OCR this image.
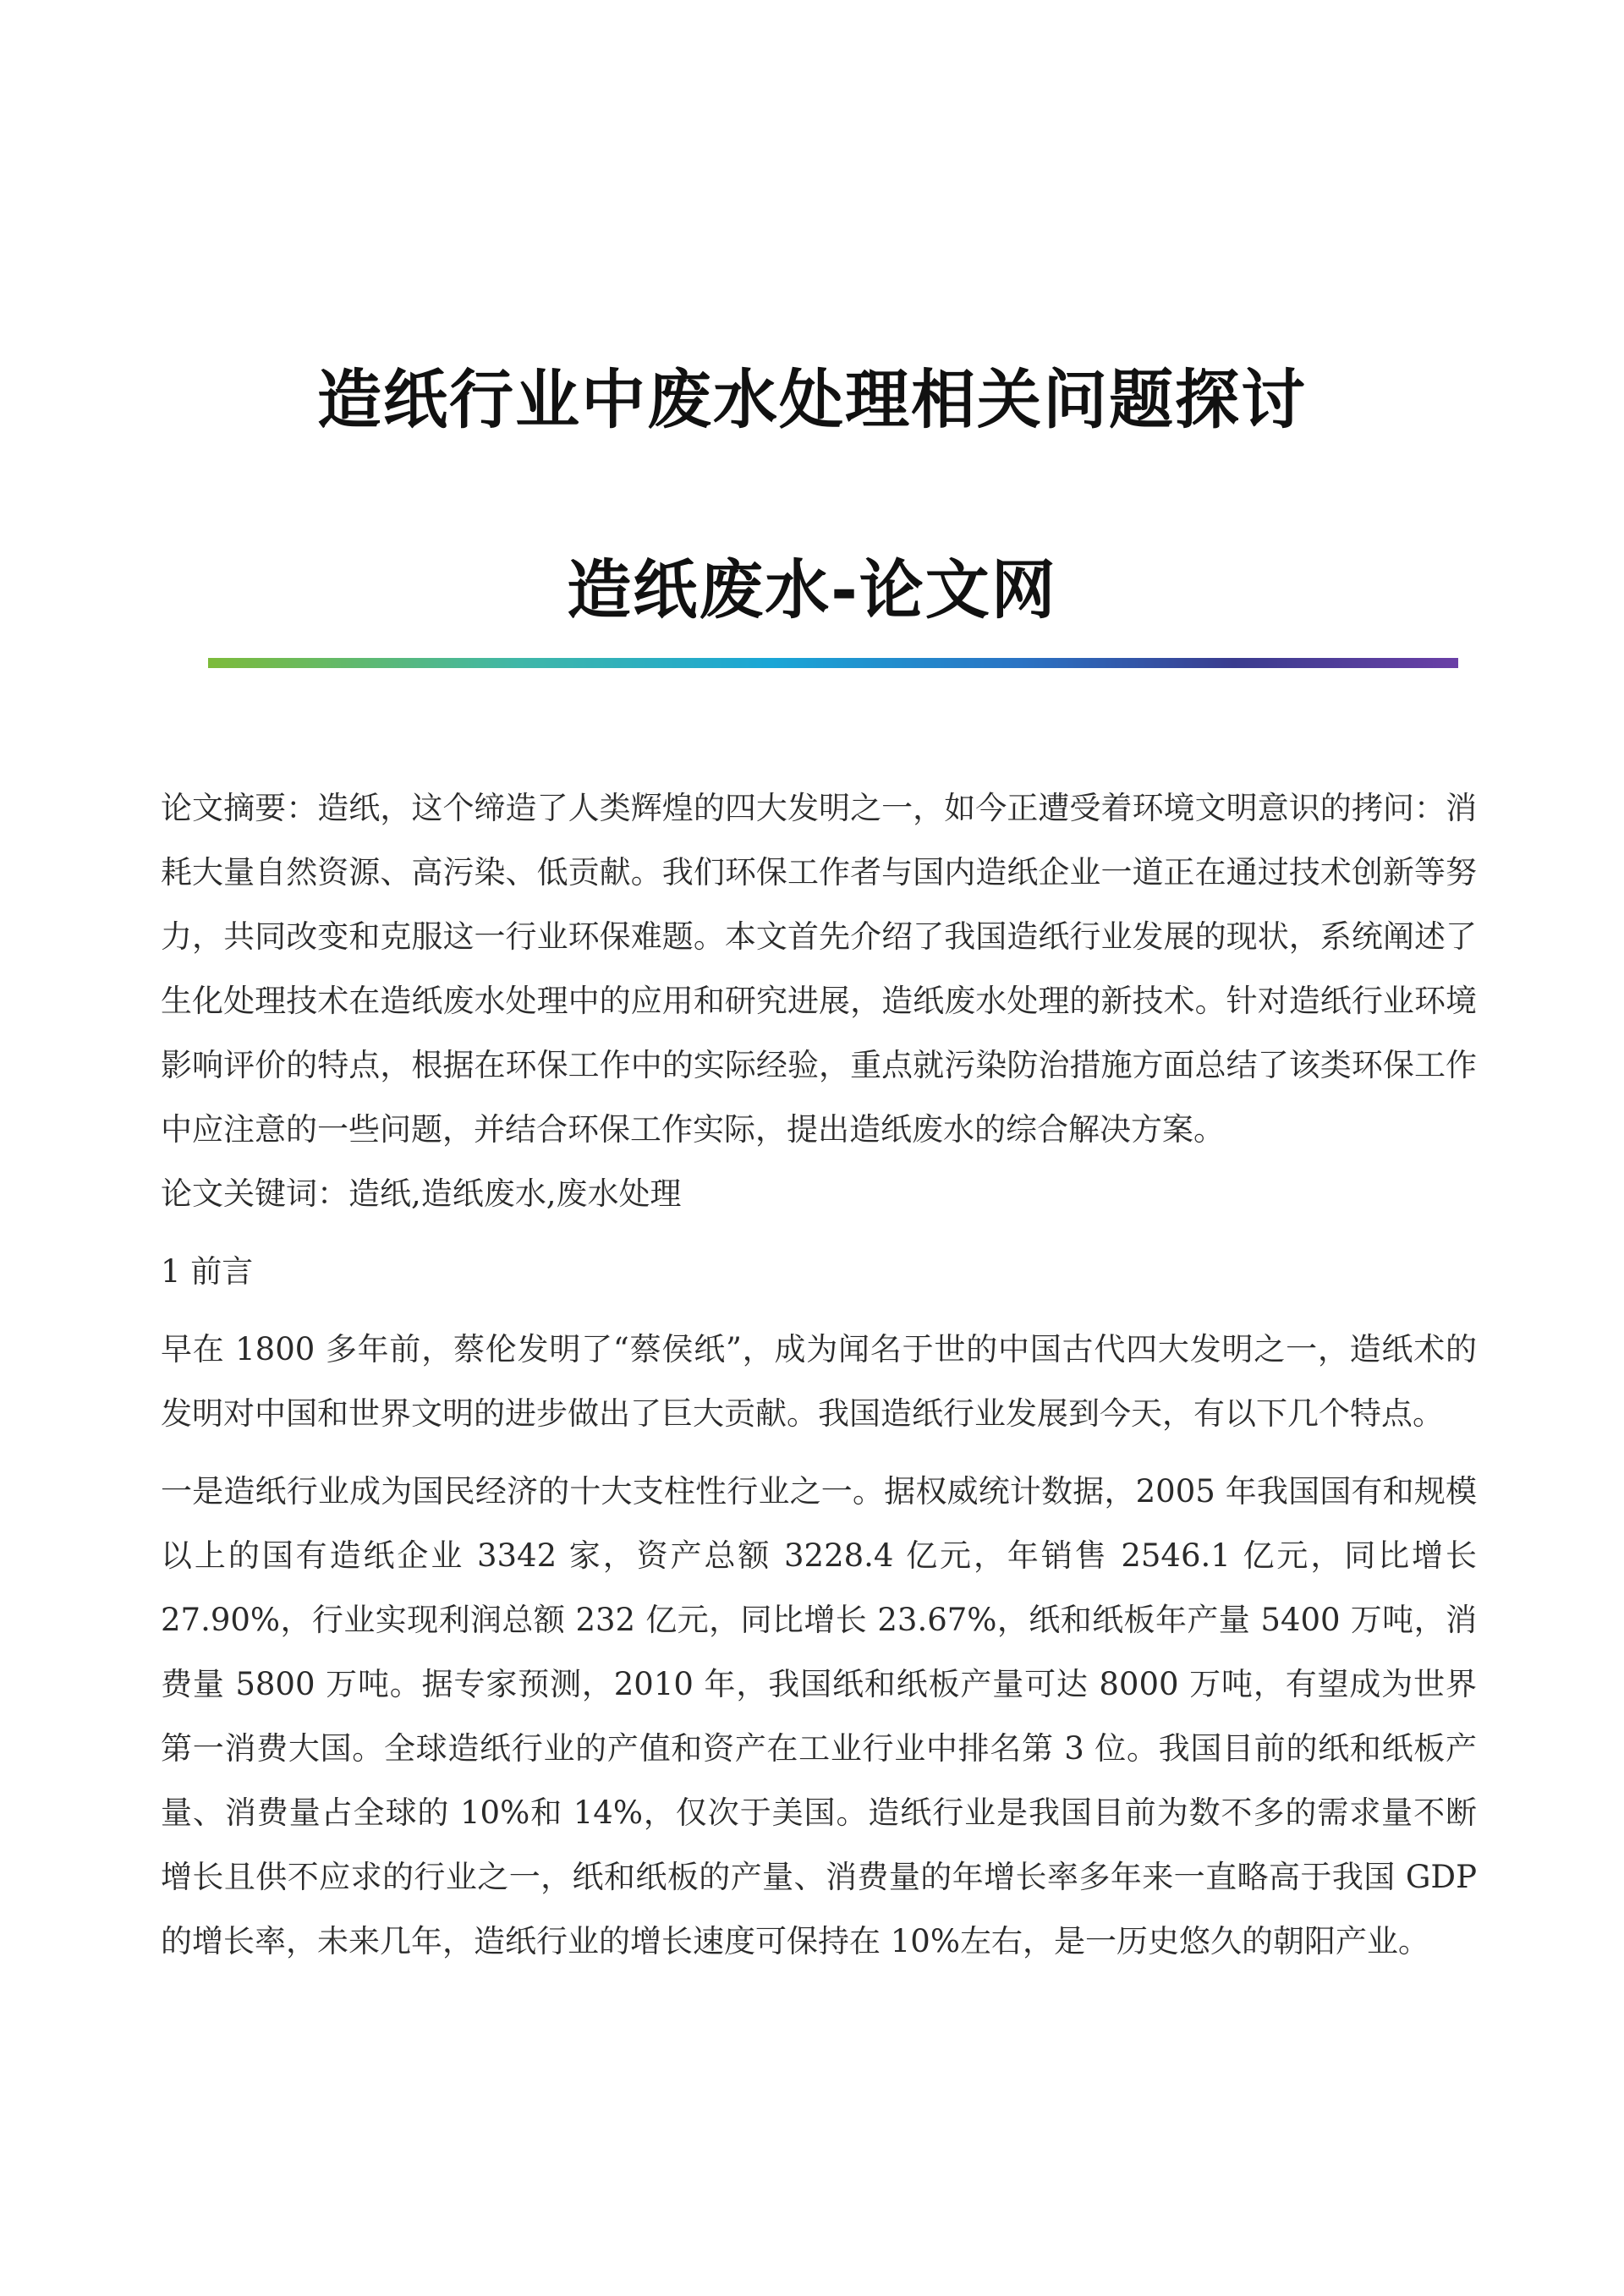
造纸行业中废水处理相关问题探讨
造纸废水-论文网

论文摘要：造纸，这个缔造了人类辉煌的四大发明之一，如今正遭受着环境文明意识的拷问：消耗大量自然资源、高污染、低贡献。我们环保工作者与国内造纸企业一道正在通过技术创新等努力，共同改变和克服这一行业环保难题。本文首先介绍了我国造纸行业发展的现状，系统阐述了生化处理技术在造纸废水处理中的应用和研究进展，造纸废水处理的新技术。针对造纸行业环境影响评价的特点，根据在环保工作中的实际经验，重点就污染防治措施方面总结了该类环保工作中应注意的一些问题，并结合环保工作实际，提出造纸废水的综合解决方案。

论文关键词：造纸,造纸废水,废水处理

1 前言

早在 1800 多年前，蔡伦发明了“蔡侯纸”，成为闻名于世的中国古代四大发明之一，造纸术的发明对中国和世界文明的进步做出了巨大贡献。我国造纸行业发展到今天，有以下几个特点。

一是造纸行业成为国民经济的十大支柱性行业之一。据权威统计数据，2005 年我国国有和规模以上的国有造纸企业 3342 家，资产总额 3228.4 亿元，年销售 2546.1 亿元，同比增长 27.90%，行业实现利润总额 232 亿元，同比增长 23.67%，纸和纸板年产量 5400 万吨，消费量 5800 万吨。据专家预测，2010 年，我国纸和纸板产量可达 8000 万吨，有望成为世界第一消费大国。全球造纸行业的产值和资产在工业行业中排名第 3 位。我国目前的纸和纸板产量、消费量占全球的 10%和 14%，仅次于美国。造纸行业是我国目前为数不多的需求量不断增长且供不应求的行业之一，纸和纸板的产量、消费量的年增长率多年来一直略高于我国 GDP 的增长率，未来几年，造纸行业的增长速度可保持在 10%左右，是一历史悠久的朝阳产业。
